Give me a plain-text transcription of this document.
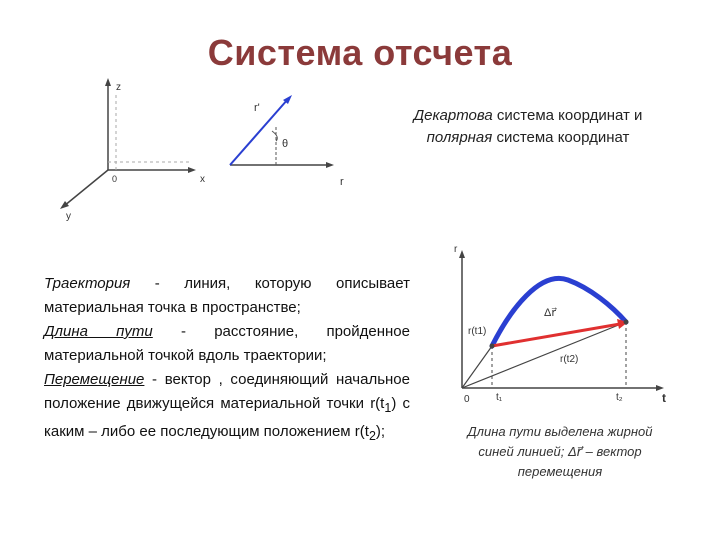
Система отсчета
z
x
y
0
r'
θ
r
Декартова система координат и
полярная система координат
Траектория - линия, которую описывает материальная точка в пространстве;
Длина пути - расстояние, пройденное материальной точкой вдоль траектории;
Перемещение - вектор , соединяющий начальное положение движущейся материальной точки $r(t_1)$ с каким – либо ее последующим положением $r(t_2)$;
r
t
0
r(t1)
r(t2)
Δr⃗
t₁	t₂
Длина пути выделена жирной
синей линией; Δr⃗ – вектор
перемещения
